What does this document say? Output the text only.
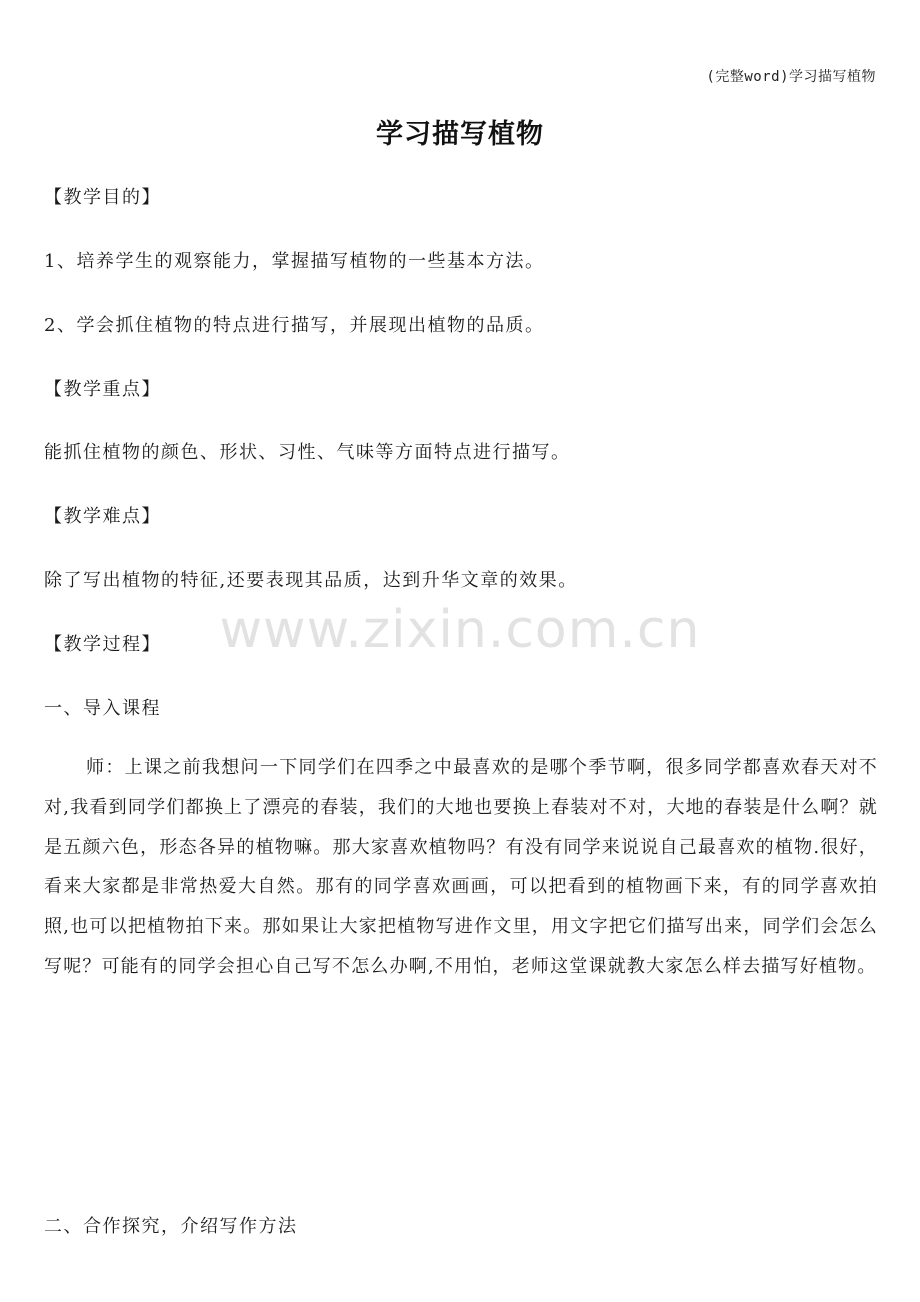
(完整word)学习描写植物
学习描写植物
【教学目的】
1、培养学生的观察能力，掌握描写植物的一些基本方法。
2、学会抓住植物的特点进行描写，并展现出植物的品质。
【教学重点】
能抓住植物的颜色、形状、习性、气味等方面特点进行描写。
【教学难点】
除了写出植物的特征,还要表现其品质，达到升华文章的效果。
【教学过程】
一、导入课程
师：上课之前我想问一下同学们在四季之中最喜欢的是哪个季节啊，很多同学都喜欢春天对不对,我看到同学们都换上了漂亮的春装，我们的大地也要换上春装对不对，大地的春装是什么啊？就是五颜六色，形态各异的植物嘛。那大家喜欢植物吗？有没有同学来说说自己最喜欢的植物.很好，看来大家都是非常热爱大自然。那有的同学喜欢画画，可以把看到的植物画下来，有的同学喜欢拍照,也可以把植物拍下来。那如果让大家把植物写进作文里，用文字把它们描写出来，同学们会怎么写呢？可能有的同学会担心自己写不怎么办啊,不用怕，老师这堂课就教大家怎么样去描写好植物。
二、合作探究，介绍写作方法
www.zixin.com.cn
